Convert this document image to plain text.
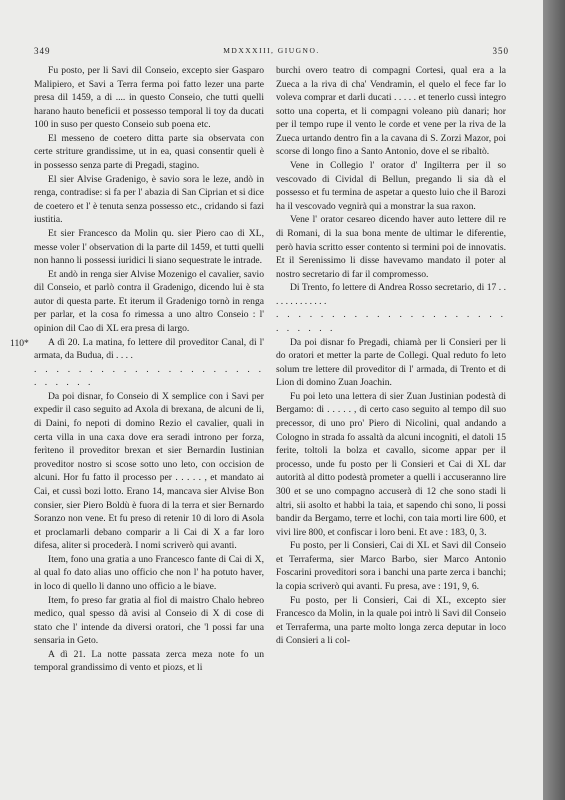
349	MDXXXIII, GIUGNO.	350
110*

Fu posto, per li Savi dil Conseio, excepto sier Gasparo Malipiero, et Savi a Terra ferma poi fatto lezer una parte presa dil 1459, a di .... in questo Conseio, che tutti quelli harano hauto beneficii et possesso temporal li toy da ducati 100 in suso per questo Conseio sub poena etc.

El messeno de coetero ditta parte sia observata con certe striture grandissime, ut in ea, quasi consentir queli è in possesso senza parte di Pregadi, stagino.

El sier Alvise Gradenigo, è savio sora le leze, andò in renga, contradise: si fa per l' abazia di San Ciprian et si dice de coetero et l' è tenuta senza possesso etc., cridando si fazi iustitia.

Et sier Francesco da Molin qu. sier Piero cao di XL, messe voler l' observation di la parte dil 1459, et tutti quelli non hanno li possessi iuridici li siano sequestrate le intrade.

Et andò in renga sier Alvise Mozenigo el cavalier, savio dil Conseio, et parlò contra il Gradenigo, dicendo lui è sta autor di questa parte. Et iterum il Gradenigo tornò in renga per parlar, et la cosa fo rimessa a uno altro Conseio : l' opinion dil Cao di XL era presa di largo.

A dì 20. La matina, fo lettere dil proveditor Canal, di l' armata, da Budua, di . . . .

. . . . . . . . . . . . . . . . . . . . . . . . . . .

Da poi disnar, fo Conseio di X semplice con i Savi per expedir il caso seguito ad Axola di brexana, de alcuni de li, di Daini, fo nepoti di domino Rezio el cavalier, quali in certa villa in una caxa dove era seradi introno per forza, ferìteno il proveditor brexan et sier Bernardin Iustinian proveditor nostro si scose sotto uno leto, con occision de alcuni. Hor fu fatto il processo per . . . . . , et mandato ai Cai, et cussì bozi lotto. Erano 14, mancava sier Alvise Bon consier, sier Piero Boldù è fuora di la terra et sier Bernardo Soranzo non vene. Et fu preso di retenir 10 di loro di Asola et proclamarli debano comparir a li Cai di X a far loro difesa, aliter si procederà. I nomi scriverò qui avanti.

Item, fono una gratia a uno Francesco fante di Cai di X, al qual fo dato alias uno officio che non l' ha potuto haver, in loco di quello li danno uno officio a le biave.

Item, fo preso far gratia al fiol di maistro Chalo hebreo medico, qual spesso dà avisi al Conseio di X di cose di stato che l' intende da diversi oratori, che 'l possi far una sensaria in Geto.

A dì 21. La notte passata zerca meza note fo un temporal grandissimo di vento et piozs, et li

burchi overo teatro di compagni Cortesi, qual era a la Zueca a la riva di cha' Vendramin, el quelo el fece far lo voleva comprar et darli ducati . . . . . et tenerlo cussì integro sotto una coperta, et li compagni voleano più danari; hor per il tempo rupe il vento le corde et vene per la riva de la Zueca urtando dentro fin a la cavana di S. Zorzi Mazor, poi scorse di longo fino a Santo Antonio, dove el se ribaltò.

Vene in Collegio l' orator d' Ingilterra per il so vescovado di Cividal di Bellun, pregando li sia dà el possesso et fu termina de aspetar a questo luio che il Barozi ha il vescovado vegnirà qui a monstrar la sua raxon.

Vene l' orator cesareo dicendo haver auto lettere dil re di Romani, di la sua bona mente de ultimar le diferentie, però havia scritto esser contento si termini poi de innovatis. Et il Serenissimo li disse havevamo mandato il poter al nostro secretario di far il compromesso.

Di Trento, fo lettere di Andrea Rosso secretario, di 17 . . . . . . . . . . . . .

. . . . . . . . . . . . . . . . . . . . . . . . . . .

Da poi disnar fo Pregadi, chiamà per li Consieri per li do oratori et metter la parte de Collegi. Qual reduto fo leto solum tre lettere dil proveditor di l' armada, di Trento et di Lion di domino Zuan Joachin.

Fu poi leto una lettera di sier Zuan Justinian podestà di Bergamo: di . . . . . , di certo caso seguito al tempo dil suo precessor, di uno pro' Piero di Nicolini, qual andando a Cologno in strada fo assaltà da alcuni incogniti, el datoli 15 ferite, toltoli la bolza et cavallo, sicome appar per il processo, unde fu posto per li Consieri et Cai di XL dar autorità al ditto podestà prometer a quelli i accuseranno lire 300 et se uno compagno accuserà di 12 che sono stadi li altri, sii asolto et habbi la taia, et sapendo chi sono, li possi bandir da Bergamo, terre et lochi, con taia morti lire 600, et vivi lire 800, et confiscar i loro beni. Et ave : 183, 0, 3.

Fu posto, per li Consieri, Cai di XL et Savi dil Conseio et Terraferma, sier Marco Barbo, sier Marco Antonio Foscarini proveditori sora i banchi una parte zerca i banchi; la copia scriverò qui avanti. Fu presa, ave : 191, 9, 6.

Fu posto, per li Consieri, Cai di XL, excepto sier Francesco da Molin, in la quale poi intrò li Savi dil Conseio et Terraferma, una parte molto longa zerca deputar in loco di Consieri a li col-
